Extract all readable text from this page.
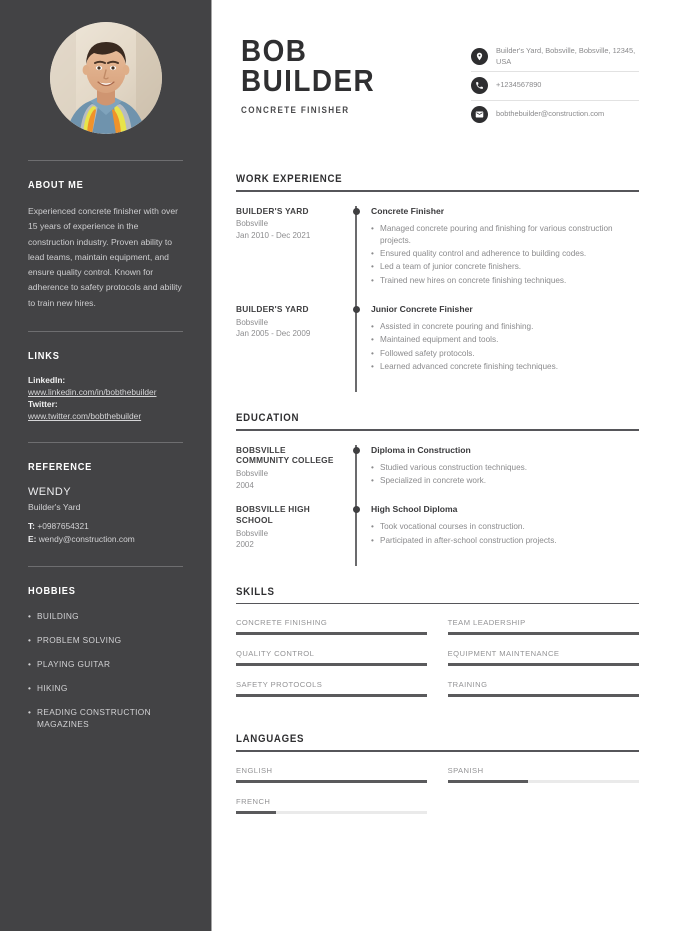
ABOUT ME

Experienced concrete finisher with over 15 years of experience in the construction industry. Proven ability to lead teams, maintain equipment, and ensure quality control. Known for adherence to safety protocols and ability to train new hires.

LINKS
LinkedIn:
www.linkedin.com/in/bobthebuilder
Twitter:
www.twitter.com/bobthebuilder
REFERENCE
WENDY
Builder's Yard
T: +0987654321
E: wendy@construction.com
HOBBIES
• BUILDING
• PROBLEM SOLVING
• PLAYING GUITAR
• HIKING
• READING CONSTRUCTION MAGAZINES
BOB
BUILDER
CONCRETE FINISHER
Builder's Yard, Bobsville, Bobsville, 12345, USA
+1234567890
bobthebuilder@construction.com
WORK EXPERIENCE
BUILDER'S YARD
Bobsville
Jan 2010 - Dec 2021
Concrete Finisher
• Managed concrete pouring and finishing for various construction projects.
• Ensured quality control and adherence to building codes.
• Led a team of junior concrete finishers.
• Trained new hires on concrete finishing techniques.
BUILDER'S YARD
Bobsville
Jan 2005 - Dec 2009
Junior Concrete Finisher
• Assisted in concrete pouring and finishing.
• Maintained equipment and tools.
• Followed safety protocols.
• Learned advanced concrete finishing techniques.
EDUCATION
BOBSVILLE COMMUNITY COLLEGE
Bobsville
2004
Diploma in Construction
• Studied various construction techniques.
• Specialized in concrete work.
BOBSVILLE HIGH SCHOOL
Bobsville
2002
High School Diploma
• Took vocational courses in construction.
• Participated in after-school construction projects.
SKILLS
CONCRETE FINISHING	TEAM LEADERSHIP
QUALITY CONTROL	EQUIPMENT MAINTENANCE
SAFETY PROTOCOLS	TRAINING
LANGUAGES
ENGLISH	SPANISH
FRENCH
